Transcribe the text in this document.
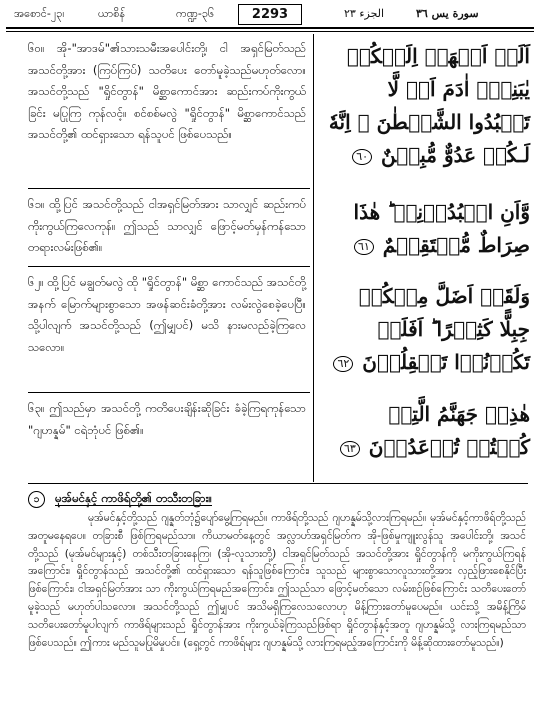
အစောင်-၂၃၊	ယာစိန်	ကဏ္ဍ-၃၆	2293	الجزء ٢٣	سورة يس ٣٦
၆၀။ အို-"အာဒမ်"၏သားသမီးအပေါင်းတို့၊ ငါ အရှင်မြတ်သည် အသင်တို့အား (ကြပ်ကြပ်) သတိပေး တော်မူခဲ့သည်မဟုတ်လော။ အသင်တို့သည် "ရှိုင်တွာန်" မိစ္ဆာကောင်အား ဆည်းကပ်ကိုးကွယ်ခြင်း မပြုကြ ကုန်လင့်။ စင်စစ်မလွဲ "ရှိုင်တွာန်" မိစ္ဆာကောင်သည် အသင်တို့၏ ထင်ရှားသော ရန်သူပင် ဖြစ်ပေသည်။
၆၁။ ထို့ပြင် အသင်တို့သည် ငါအရှင်မြတ်အား သာလျှင် ဆည်းကပ်ကိုးကွယ်ကြလေကုန်။ ဤသည် သာလျှင် ဖြောင့်မတ်မှန်ကန်သော တရားလမ်းဖြစ်၏။
၆၂။ ထို့ပြင် မချွတ်မလွဲ ထို "ရှိုင်တွာန်" မိစ္ဆာ ကောင်သည် အသင်တို့အနက် မြောက်များစွာသော အဖန်ဆင်းခံတို့အား လမ်းလွဲစေခဲ့ပေပြီ။ သို့ပါလျက် အသင်တို့သည် (ဤမျှပင်) မသိ နားမလည်ခဲ့ကြလေ သလော။
၆၃။ ဤသည်မှာ အသင်တို့ ကတိပေးချိန်းဆိုခြင်း ခံခဲ့ကြရကုန်သော "ဂျဟန္နမ်" ငရဲဘုံပင် ဖြစ်၏။
اَلَمۡ اَعۡهَدۡ اِلَيۡكُمۡ يٰبَنِىۡۤ اٰدَمَ اَنۡ لَّا تَعۡبُدُوا الشَّيۡطٰنَ‌ ۚ اِنَّهٗ لَـكُمۡ عَدُوٌّ مُّبِيۡنٌ ٦٠
وَّاَنِ اعۡبُدُوۡنِىۡ‌ ؕ هٰذَا صِرَاطٌ مُّسۡتَقِيۡمٌ ٦١
وَلَقَدۡ اَضَلَّ مِنۡكُمۡ جِبِلًّا كَثِيۡرًا‌ ؕ اَفَلَمۡ تَكُوۡنُوۡا تَعۡقِلُوۡنَ ٦٢
هٰذِهٖ جَهَنَّمُ الَّتِىۡ كُنۡتُمۡ تُوۡعَدُوۡنَ ٦٣
၁ မုအ်မင်နှင့် ကာဖိရ်တို့၏ တသီးတခြား။
မုအ်မင်နှင့်တို့သည် ဂျန္နတ်ဘုံ၌ပျော်မွေ့ကြရမည်။ ကာဖိရ်တို့သည် ဂျဟန္နမ်သို့လားကြရမည်။ မုအ်မင်နှင့်ကာဖိရ်တို့သည် အတူမနေရပေ။ တခြားစီ ဖြစ်ကြရမည်သာ။ ကိယာမတ်နေ့တွင် အလ္လာဟ်အရှင်မြတ်က အို-ဖြစ်မှုကျူးလွန်သူ အပေါင်းတို့၊ အသင်တို့သည် (မုအ်မင်များနှင့်) တစ်သီးတခြားနေကြ၊ (အို-လူသားတို့) ငါအရှင်မြတ်သည် အသင်တို့အား ရှိုင်တွာန်ကို မကိုးကွယ်ကြရန်အကြောင်း၊ ရှိုင်တွာန်သည် အသင်တို့၏ ထင်ရှားသော ရန်သူဖြစ်ကြောင်း၊ သူသည် များစွာသောလူသားတို့အား လှည့်ဖြားစေနိုင်ပြီးဖြစ်ကြောင်း၊ ငါအရှင်မြတ်အား သာ ကိုးကွယ်ကြရမည်အကြောင်း၊ ဤသည်သာ ဖြောင့်မတ်သော လမ်းစဉ်ဖြစ်ကြောင်း သတိပေးတော်မူခဲ့သည် မဟုတ်ပါသလော။ အသင်တို့သည် ဤမျှပင် အသိမရှိကြလေသလောဟု မိန့်ကြားတော်မူပေမည်။ ယင်းသို့ အမိန့်ကြိမ် သတိပေးတော်မူပါလျက် ကာဖိရ်များသည် ရှိုင်တွာန်အား ကိုးကွယ်ခဲ့ကြသည်ဖြစ်ရာ ရှိုင်တွာန်နှင့်အတူ ဂျဟန္နမ်သို့ လားကြရမည်သာ ဖြစ်ပေသည်။ ဤကား မည်သူမပြုမိမှုပင်။ (ရှေ့တွင် ကာဖိရ်များ ဂျဟန္နမ်သို့ လားကြရမည့်အကြောင်းကို မိန့်ဆိုထားတော်မူသည်။)
